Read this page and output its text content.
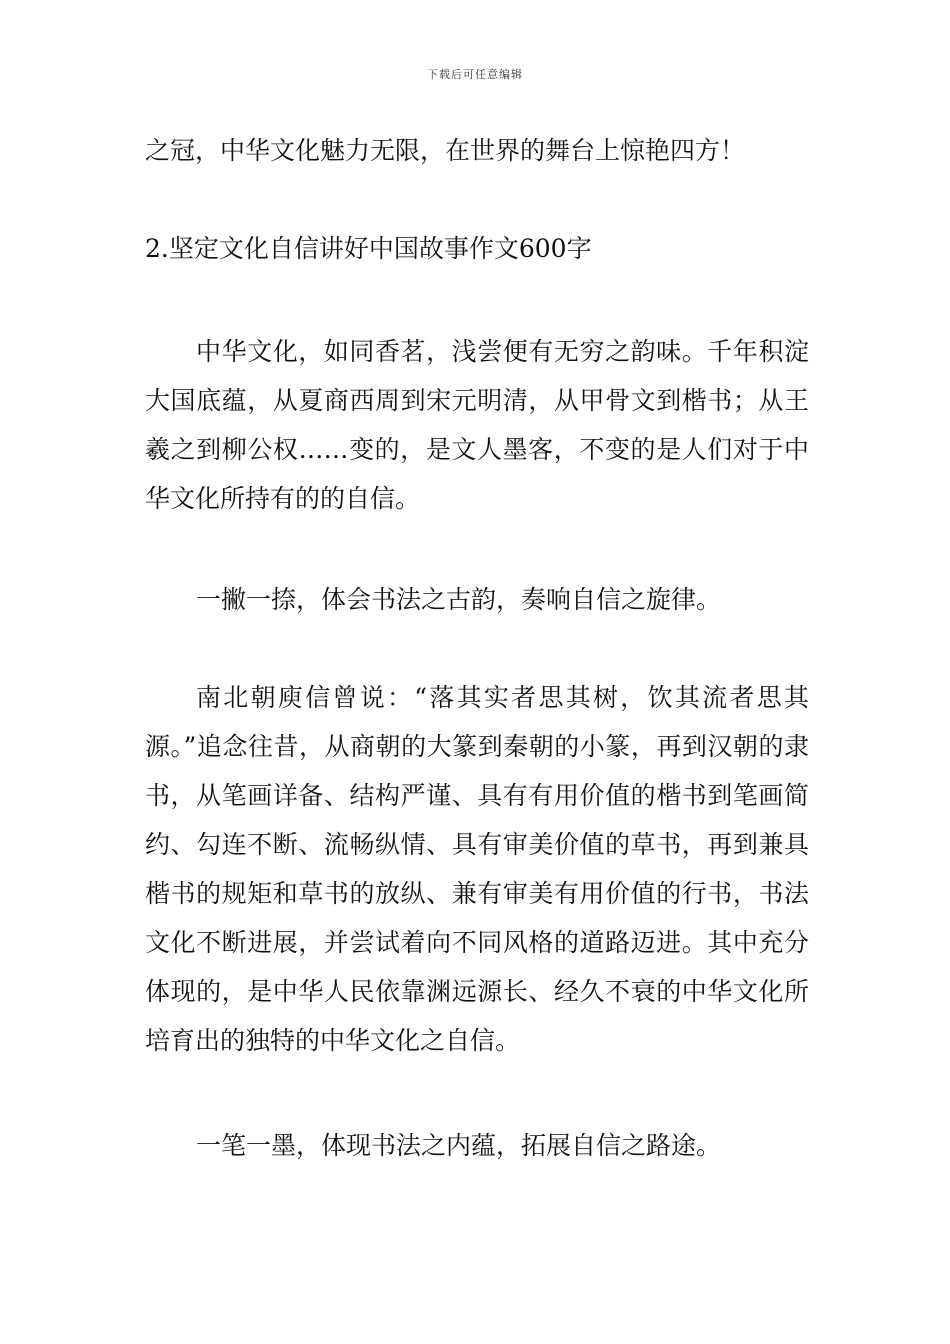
下载后可任意编辑

之冠，中华文化魅力无限，在世界的舞台上惊艳四方！

2.坚定文化自信讲好中国故事作文600字

中华文化，如同香茗，浅尝便有无穷之韵味。千年积淀大国底蕴，从夏商西周到宋元明清，从甲骨文到楷书；从王羲之到柳公权……变的，是文人墨客，不变的是人们对于中华文化所持有的的自信。

一撇一捺，体会书法之古韵，奏响自信之旋律。

南北朝庾信曾说：“落其实者思其树，饮其流者思其源。”追念往昔，从商朝的大篆到秦朝的小篆，再到汉朝的隶书，从笔画详备、结构严谨、具有有用价值的楷书到笔画简约、勾连不断、流畅纵情、具有审美价值的草书，再到兼具楷书的规矩和草书的放纵、兼有审美有用价值的行书，书法文化不断进展，并尝试着向不同风格的道路迈进。其中充分体现的，是中华人民依靠渊远源长、经久不衰的中华文化所培育出的独特的中华文化之自信。

一笔一墨，体现书法之内蕴，拓展自信之路途。
